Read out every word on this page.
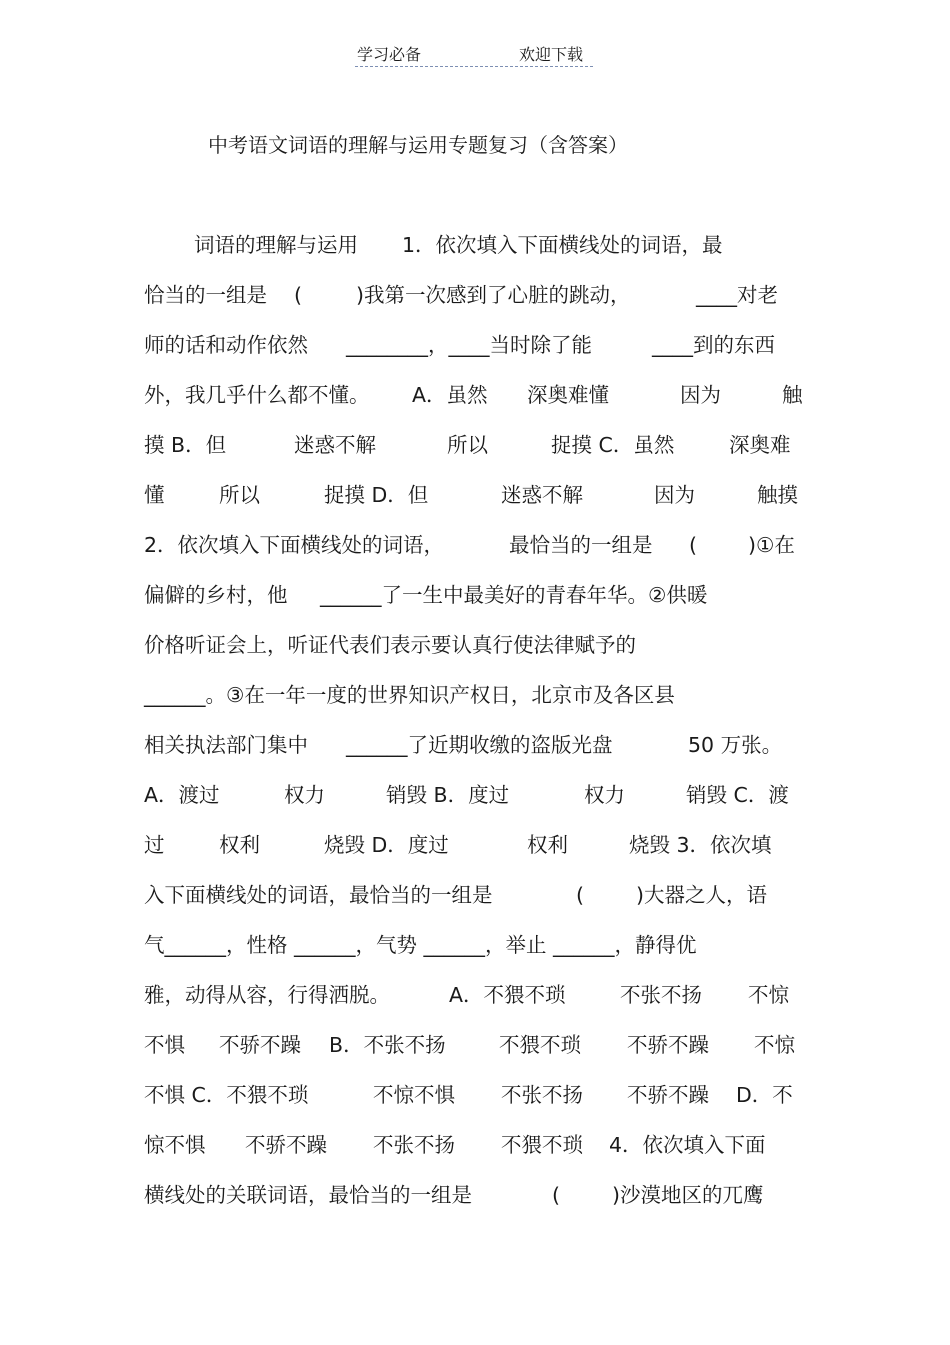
学习必备	欢迎下载
中考语文词语的理解与运用专题复习（含答案）

词语的理解与运用

1．依次填入下面横线处的词语，最

恰当的一组是

(

	)我第一次感到了心脏的跳动，

	____对老

师的话和动作依然

________，____当时除了能

	____到的东西

外，我几乎什么都不懂。

A．虽然

深奥难懂

	因为

	触

摸 B．但

	迷惑不解

	所以

	捉摸 C．虽然

	深奥难

懂

	所以

	捉摸 D．但

	迷惑不解

	因为

	触摸

2．依次填入下面横线处的词语，

	最恰当的一组是

(

)①在

偏僻的乡村，他

______了一生中最美好的青春年华。②供暖

价格听证会上，听证代表们表示要认真行使法律赋予的

______。③在一年一度的世界知识产权日，北京市及各区县

相关执法部门集中

______了近期收缴的盗版光盘

	50 万张。

A．渡过

	权力

	销毁 B．度过

	权力

	销毁 C．渡

过

	权利

	烧毁 D．度过

	权利

	烧毁 3．依次填

入下面横线处的词语，最恰当的一组是

	(

	)大器之人，语

气______，性格 ______，气势 ______，举止 ______，静得优

雅，动得从容，行得洒脱。

	A．不猥不琐

	不张不扬

不惊

不惧

不骄不躁

B．不张不扬

	不猥不琐

不骄不躁

不惊

不惧 C．不猥不琐

	不惊不惧

不张不扬

不骄不躁

D．不

惊不惧

不骄不躁

不张不扬

不猥不琐

4．依次填入下面

横线处的关联词语，最恰当的一组是

	(

	)沙漠地区的兀鹰
